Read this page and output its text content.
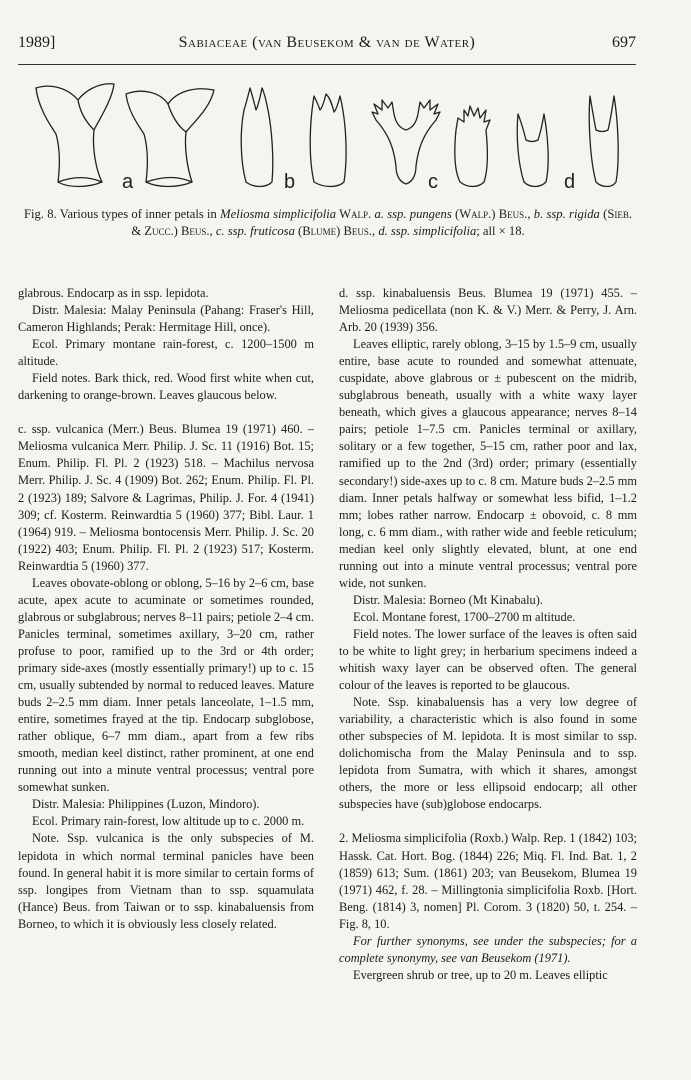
1989]	Sabiaceae (van Beusekom & van de Water)	697
a	b	c	d
Fig. 8. Various types of inner petals in Meliosma simplicifolia Walp. a. ssp. pungens (Walp.) Beus., b. ssp. rigida (Sieb. & Zucc.) Beus., c. ssp. fruticosa (Blume) Beus., d. ssp. simplicifolia; all × 18.

glabrous. Endocarp as in ssp. lepidota.

Distr. Malesia: Malay Peninsula (Pahang: Fraser's Hill, Cameron Highlands; Perak: Hermitage Hill, once).

Ecol. Primary montane rain-forest, c. 1200–1500 m altitude.

Field notes. Bark thick, red. Wood first white when cut, darkening to orange-brown. Leaves glaucous below.

c. ssp. vulcanica (Merr.) Beus. Blumea 19 (1971) 460. – Meliosma vulcanica Merr. Philip. J. Sc. 11 (1916) Bot. 15; Enum. Philip. Fl. Pl. 2 (1923) 518. – Machilus nervosa Merr. Philip. J. Sc. 4 (1909) Bot. 262; Enum. Philip. Fl. Pl. 2 (1923) 189; Salvore & Lagrimas, Philip. J. For. 4 (1941) 309; cf. Kosterm. Reinwardtia 5 (1960) 377; Bibl. Laur. 1 (1964) 919. – Meliosma bontocensis Merr. Philip. J. Sc. 20 (1922) 403; Enum. Philip. Fl. Pl. 2 (1923) 517; Kosterm. Reinwardtia 5 (1960) 377.

Leaves obovate-oblong or oblong, 5–16 by 2–6 cm, base acute, apex acute to acuminate or sometimes rounded, glabrous or subglabrous; nerves 8–11 pairs; petiole 2–4 cm. Panicles terminal, sometimes axillary, 3–20 cm, rather profuse to poor, ramified up to the 3rd or 4th order; primary side-axes (mostly essentially primary!) up to c. 15 cm, usually subtended by normal to reduced leaves. Mature buds 2–2.5 mm diam. Inner petals lanceolate, 1–1.5 mm, entire, sometimes frayed at the tip. Endocarp subglobose, rather oblique, 6–7 mm diam., apart from a few ribs smooth, median keel distinct, rather prominent, at one end running out into a minute ventral processus; ventral pore somewhat sunken.

Distr. Malesia: Philippines (Luzon, Mindoro).

Ecol. Primary rain-forest, low altitude up to c. 2000 m.

Note. Ssp. vulcanica is the only subspecies of M. lepidota in which normal terminal panicles have been found. In general habit it is more similar to certain forms of ssp. longipes from Vietnam than to ssp. squamulata (Hance) Beus. from Taiwan or to ssp. kinabaluensis from Borneo, to which it is obviously less closely related.

d. ssp. kinabaluensis Beus. Blumea 19 (1971) 455. – Meliosma pedicellata (non K. & V.) Merr. & Perry, J. Arn. Arb. 20 (1939) 356.

Leaves elliptic, rarely oblong, 3–15 by 1.5–9 cm, usually entire, base acute to rounded and somewhat attenuate, cuspidate, above glabrous or ± pubescent on the midrib, subglabrous beneath, usually with a white waxy layer beneath, which gives a glaucous appearance; nerves 8–14 pairs; petiole 1–7.5 cm. Panicles terminal or axillary, solitary or a few together, 5–15 cm, rather poor and lax, ramified up to the 2nd (3rd) order; primary (essentially secondary!) side-axes up to c. 8 cm. Mature buds 2–2.5 mm diam. Inner petals halfway or somewhat less bifid, 1–1.2 mm; lobes rather narrow. Endocarp ± obovoid, c. 8 mm long, c. 6 mm diam., with rather wide and feeble reticulum; median keel only slightly elevated, blunt, at one end running out into a minute ventral processus; ventral pore wide, not sunken.

Distr. Malesia: Borneo (Mt Kinabalu).

Ecol. Montane forest, 1700–2700 m altitude.

Field notes. The lower surface of the leaves is often said to be white to light grey; in herbarium specimens indeed a whitish waxy layer can be observed often. The general colour of the leaves is reported to be glaucous.

Note. Ssp. kinabaluensis has a very low degree of variability, a characteristic which is also found in some other subspecies of M. lepidota. It is most similar to ssp. dolichomischa from the Malay Peninsula and to ssp. lepidota from Sumatra, with which it shares, amongst others, the more or less ellipsoid endocarp; all other subspecies have (sub)globose endocarps.

2. Meliosma simplicifolia (Roxb.) Walp. Rep. 1 (1842) 103; Hassk. Cat. Hort. Bog. (1844) 226; Miq. Fl. Ind. Bat. 1, 2 (1859) 613; Sum. (1861) 203; van Beusekom, Blumea 19 (1971) 462, f. 28. – Millingtonia simplicifolia Roxb. [Hort. Beng. (1814) 3, nomen] Pl. Corom. 3 (1820) 50, t. 254. – Fig. 8, 10.

For further synonyms, see under the subspecies; for a complete synonymy, see van Beusekom (1971).

Evergreen shrub or tree, up to 20 m. Leaves elliptic
